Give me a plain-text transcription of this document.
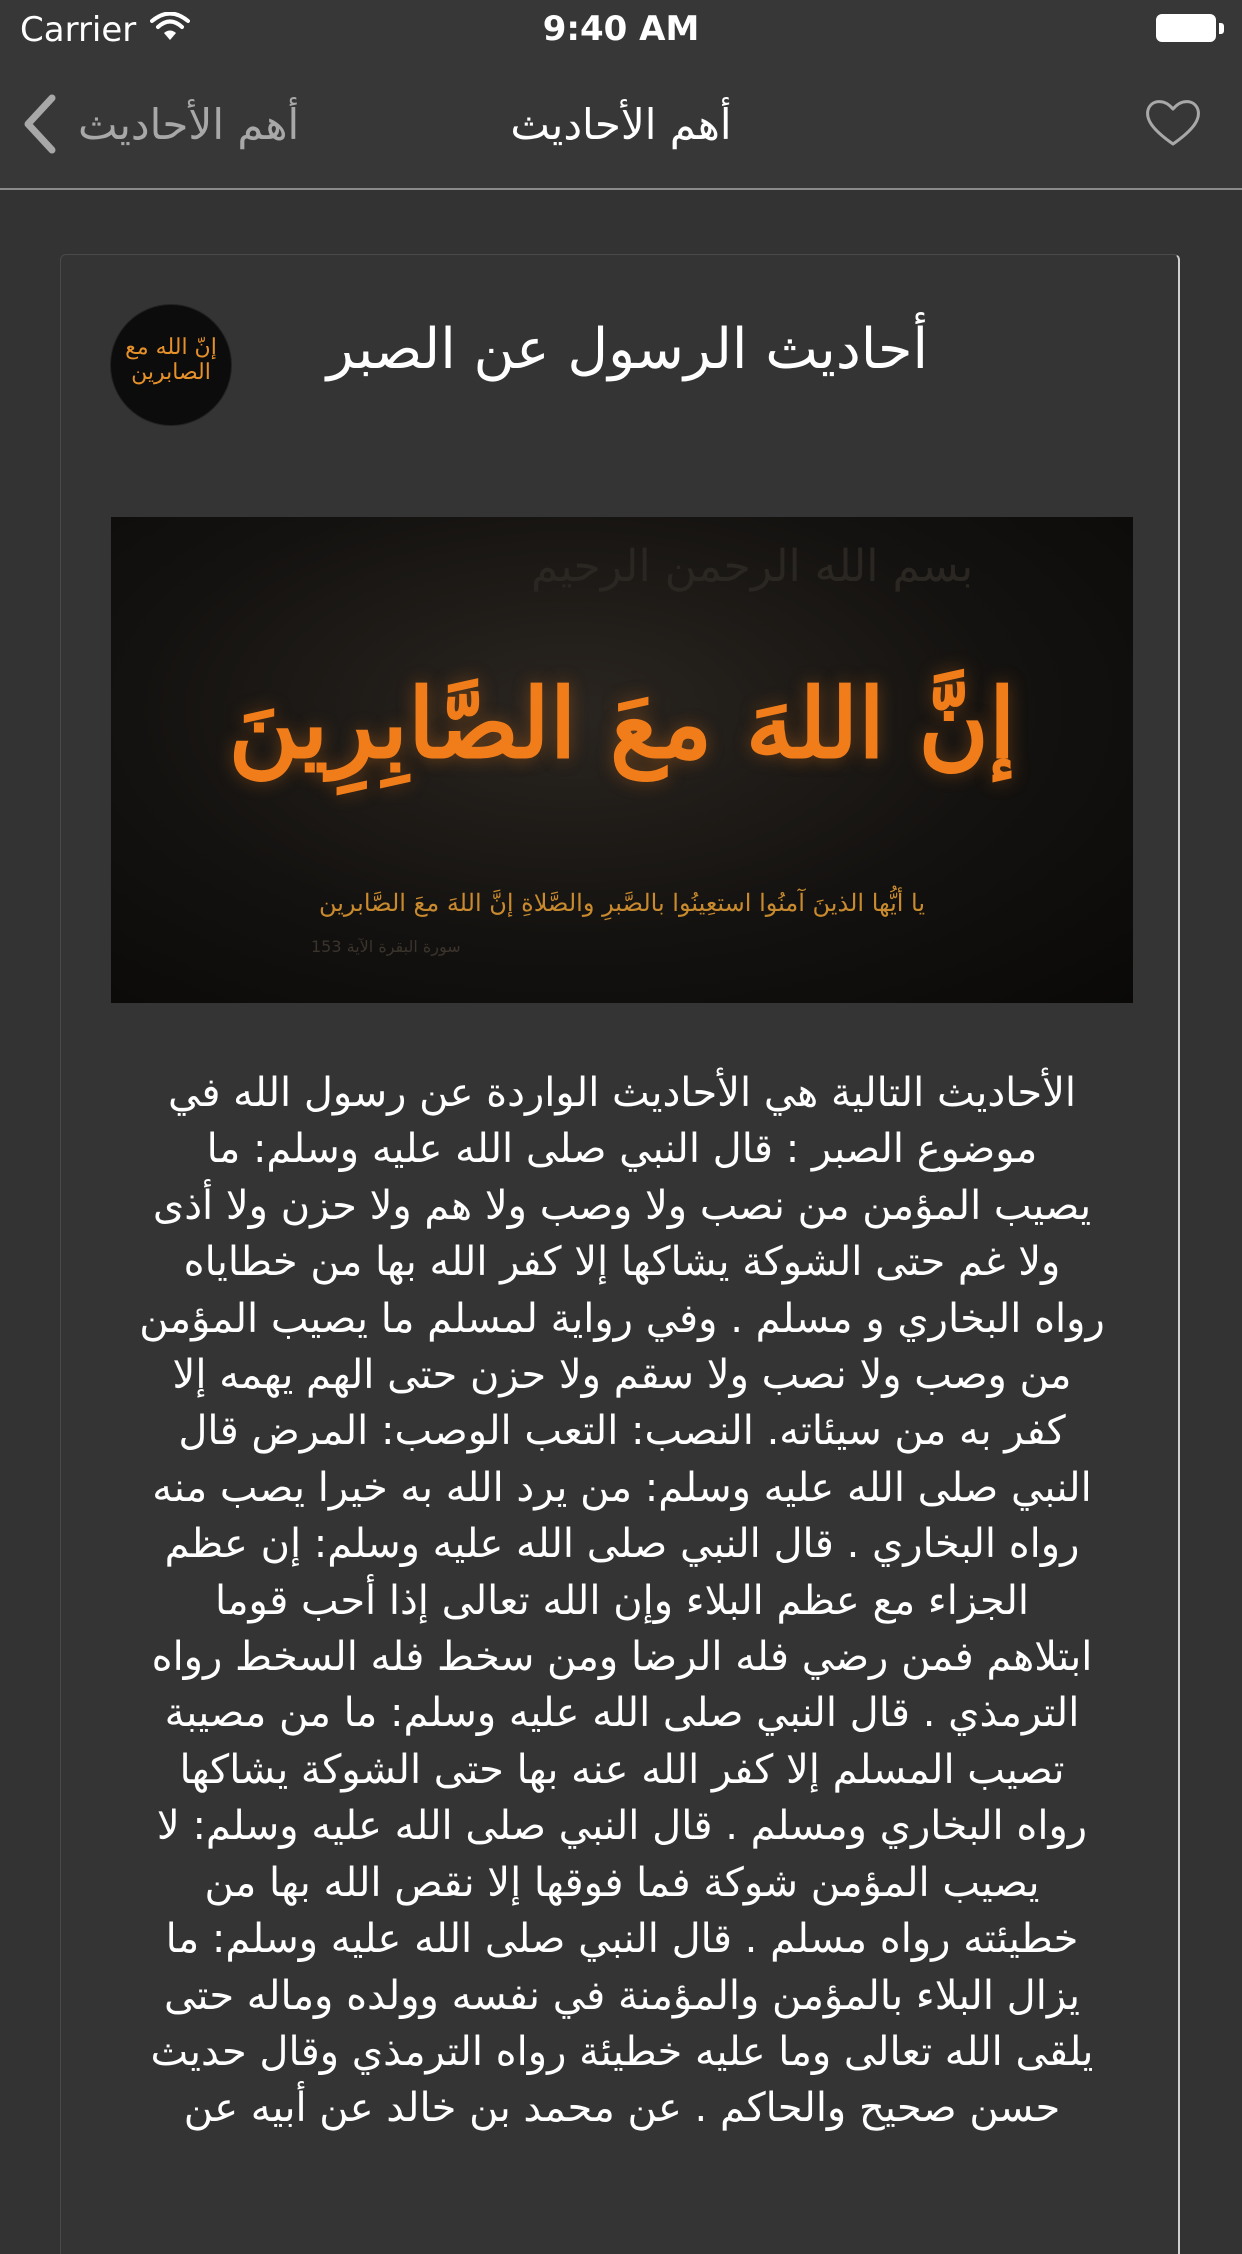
Carrier	9:40 AM
أهم الأحاديث	أهم الأحاديث
إنّ الله مع الصابرين	أحاديث الرسول عن الصبر
بسم الله الرحمن الرحيم
إنَّ اللهَ معَ الصَّابِرِينَ
يا أيُّها الذينَ آمنُوا استعِينُوا بالصَّبرِ والصَّلاةِ إنَّ اللهَ معَ الصَّابرين
سورة البقرة الآية 153
الأحاديث التالية هي الأحاديث الواردة عن رسول الله في
موضوع الصبر : قال النبي صلى الله عليه وسلم: ما
يصيب المؤمن من نصب ولا وصب ولا هم ولا حزن ولا أذى
ولا غم حتى الشوكة يشاكها إلا كفر الله بها من خطاياه
رواه البخاري و مسلم . وفي رواية لمسلم ما يصيب المؤمن
من وصب ولا نصب ولا سقم ولا حزن حتى الهم يهمه إلا
كفر به من سيئاته. النصب: التعب الوصب: المرض قال
النبي صلى الله عليه وسلم: من يرد الله به خيرا يصب منه
رواه البخاري . قال النبي صلى الله عليه وسلم: إن عظم
الجزاء مع عظم البلاء وإن الله تعالى إذا أحب قوما
ابتلاهم فمن رضي فله الرضا ومن سخط فله السخط رواه
الترمذي . قال النبي صلى الله عليه وسلم: ما من مصيبة
تصيب المسلم إلا كفر الله عنه بها حتى الشوكة يشاكها
رواه البخاري ومسلم . قال النبي صلى الله عليه وسلم: لا
يصيب المؤمن شوكة فما فوقها إلا نقص الله بها من
خطيئته رواه مسلم . قال النبي صلى الله عليه وسلم: ما
يزال البلاء بالمؤمن والمؤمنة في نفسه وولده وماله حتى
يلقى الله تعالى وما عليه خطيئة رواه الترمذي وقال حديث
حسن صحيح والحاكم . عن محمد بن خالد عن أبيه عن
